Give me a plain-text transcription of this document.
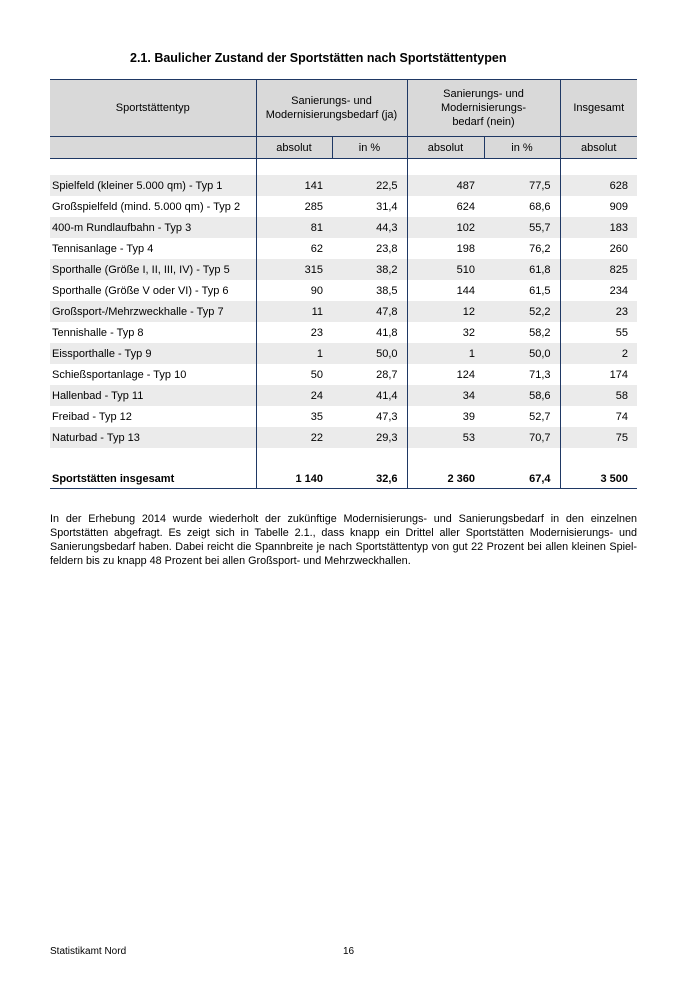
2.1. Baulicher Zustand der Sportstätten nach Sportstättentypen
Sportstättentyp	Sanierungs- und Modernisierungsbedarf (ja)		Sanierungs- und Modernisierungs-bedarf (nein)		Insgesamt
	absolut	in %	absolut	in %	absolut

Spielfeld (kleiner 5.000 qm) - Typ 1	141	22,5	487	77,5	628
Großspielfeld (mind. 5.000 qm) - Typ 2	285	31,4	624	68,6	909
400-m Rundlaufbahn - Typ 3	81	44,3	102	55,7	183
Tennisanlage - Typ 4	62	23,8	198	76,2	260
Sporthalle (Größe I, II, III, IV) - Typ 5	315	38,2	510	61,8	825
Sporthalle (Größe V oder VI) - Typ 6	90	38,5	144	61,5	234
Großsport-/Mehrzweckhalle - Typ 7	11	47,8	12	52,2	23
Tennishalle - Typ 8	23	41,8	32	58,2	55
Eissporthalle - Typ 9	1	50,0	1	50,0	2
Schießsportanlage - Typ 10	50	28,7	124	71,3	174
Hallenbad - Typ 11	24	41,4	34	58,6	58
Freibad - Typ 12	35	47,3	39	52,7	74
Naturbad - Typ 13	22	29,3	53	70,7	75

Sportstätten insgesamt	1 140	32,6	2 360	67,4	3 500
In der Erhebung 2014 wurde wiederholt der zukünftige Modernisierungs- und Sanierungsbedarf in den einzelnen Sportstätten abgefragt. Es zeigt sich in Tabelle 2.1., dass knapp ein Drittel aller Sportstätten Modernisierungs- und Sanierungsbedarf haben. Dabei reicht die Spannbreite je nach Sportstättentyp von gut 22 Prozent bei allen kleinen Spiel-feldern bis zu knapp 48 Prozent bei allen Großsport- und Mehrzweckhallen.
Statistikamt Nord	16
